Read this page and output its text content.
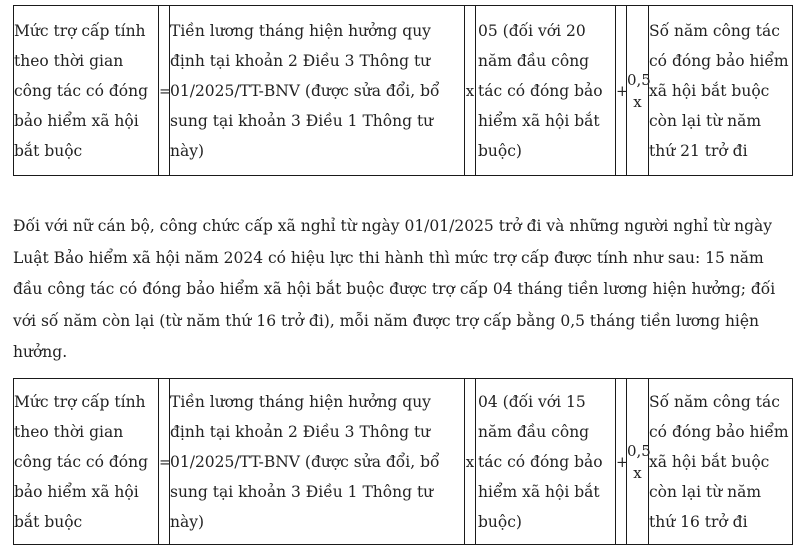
Mức trợ cấp tính theo thời gian công tác có đóng bảo hiểm xã hội bắt buộc	=	Tiền lương tháng hiện hưởng quy định tại khoản 2 Điều 3 Thông tư 01/2025/TT-BNV (được sửa đổi, bổ sung tại khoản 3 Điều 1 Thông tư này)	x	05 (đối với 20 năm đầu công tác có đóng bảo hiểm xã hội bắt buộc)	+	0,5 x	Số năm công tác có đóng bảo hiểm xã hội bắt buộc còn lại từ năm thứ 21 trở đi

Đối với nữ cán bộ, công chức cấp xã nghỉ từ ngày 01/01/2025 trở đi và những người nghỉ từ ngày Luật Bảo hiểm xã hội năm 2024 có hiệu lực thi hành thì mức trợ cấp được tính như sau: 15 năm đầu công tác có đóng bảo hiểm xã hội bắt buộc được trợ cấp 04 tháng tiền lương hiện hưởng; đối với số năm còn lại (từ năm thứ 16 trở đi), mỗi năm được trợ cấp bằng 0,5 tháng tiền lương hiện hưởng.

Mức trợ cấp tính theo thời gian công tác có đóng bảo hiểm xã hội bắt buộc	=	Tiền lương tháng hiện hưởng quy định tại khoản 2 Điều 3 Thông tư 01/2025/TT-BNV (được sửa đổi, bổ sung tại khoản 3 Điều 1 Thông tư này)	x	04 (đối với 15 năm đầu công tác có đóng bảo hiểm xã hội bắt buộc)	+	0,5 x	Số năm công tác có đóng bảo hiểm xã hội bắt buộc còn lại từ năm thứ 16 trở đi
